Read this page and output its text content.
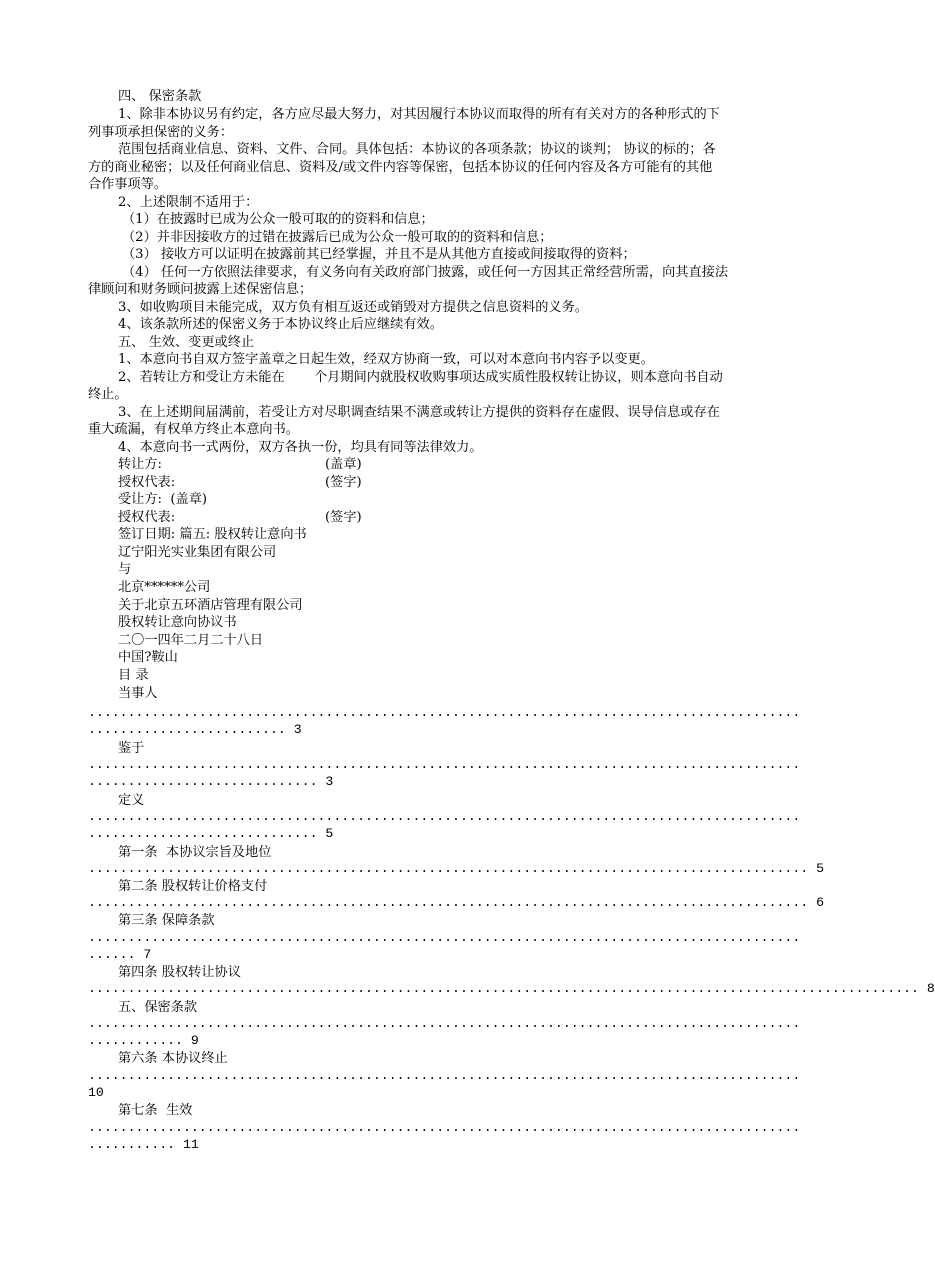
四、 保密条款
1、除非本协议另有约定，各方应尽最大努力，对其因履行本协议而取得的所有有关对方的各种形式的下
列事项承担保密的义务：
范围包括商业信息、资料、文件、合同。具体包括：本协议的各项条款；协议的谈判； 协议的标的；各
方的商业秘密；以及任何商业信息、资料及/或文件内容等保密，包括本协议的任何内容及各方可能有的其他
合作事项等。
2、上述限制不适用于：
（1）在披露时已成为公众一般可取的的资料和信息；
（2）并非因接收方的过错在披露后已成为公众一般可取的的资料和信息；
（3） 接收方可以证明在披露前其已经掌握，并且不是从其他方直接或间接取得的资料；
（4） 任何一方依照法律要求，有义务向有关政府部门披露，或任何一方因其正常经营所需，向其直接法
律顾问和财务顾问披露上述保密信息；
3、如收购项目未能完成，双方负有相互返还或销毁对方提供之信息资料的义务。
4、该条款所述的保密义务于本协议终止后应继续有效。
五、 生效、变更或终止
1、本意向书自双方签字盖章之日起生效，经双方协商一致，可以对本意向书内容予以变更。
2、若转让方和受让方未能在       个月期间内就股权收购事项达成实质性股权转让协议，则本意向书自动
终止。
3、在上述期间届满前，若受让方对尽职调查结果不满意或转让方提供的资料存在虚假、误导信息或存在
重大疏漏，有权单方终止本意向书。
4、本意向书一式两份，双方各执一份，均具有同等法律效力。
转让方:	(盖章)
授权代表:	(签字)
受让方:  (盖章)
授权代表:	(签字)
签订日期: 篇五: 股权转让意向书
辽宁阳光实业集团有限公司
与
北京******公司
关于北京五环酒店管理有限公司
股权转让意向协议书
二〇一四年二月二十八日
中国?鞍山
目 录
当事人
..........................................................................................
......................... 3
鉴于
..........................................................................................
............................. 3
定义
..........................................................................................
............................. 5
第一条  本协议宗旨及地位
........................................................................................... 5
第二条 股权转让价格支付
........................................................................................... 6
第三条 保障条款
..........................................................................................
...... 7
第四条 股权转让协议
......................................................................................................... 8
五、保密条款
..........................................................................................
............ 9
第六条 本协议终止
..........................................................................................
10
第七条  生效
..........................................................................................
........... 11
